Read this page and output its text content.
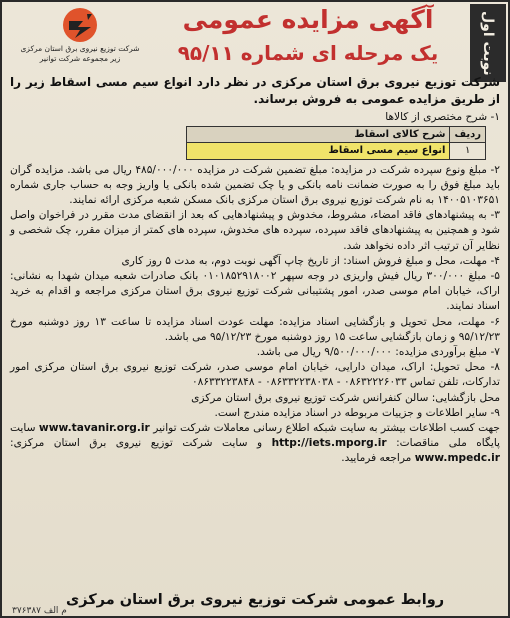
نوبت اول
آگهی مزایده عمومی
یک مرحله ای شماره ۹۵/۱۱
شرکت توزیع نیروی برق استان مرکزی
زیر مجموعه شرکت توانیر

شرکت توزیع نیروی برق استان مرکزی در نظر دارد انواع سیم مسی اسقاط زیر را از طریق مزایده عمومی به فروش برساند.

۱- شرح مختصری از کالاها

ردیف	شرح کالای اسقاط
۱	انواع سیم مسی اسقاط

۲- مبلغ ونوع سپرده شرکت در مزایده: مبلغ تضمین شرکت در مزایده ۴۸۵/۰۰۰/۰۰۰ ریال می باشد. مزایده گران باید مبلغ فوق را به صورت ضمانت نامه بانکی و یا چک تضمین شده بانکی یا واریز وجه به حساب جاری شماره ۱۴۰۰۵۱۰۳۶۵۱ به نام شرکت توزیع نیروی برق استان مرکزی بانک مسکن شعبه مرکزی ارائه نمایند.

۳- به پیشنهادهای فاقد امضاء، مشروط، مخدوش و پیشنهادهایی که بعد از انقضای مدت مقرر در فراخوان واصل شود و همچنین به پیشنهادهای فاقد سپرده، سپرده های مخدوش، سپرده های کمتر از میزان مقرر، چک شخصی و نظایر آن ترتیب اثر داده نخواهد شد.

۴- مهلت، محل و مبلغ فروش اسناد: از تاریخ چاپ آگهی نوبت دوم، به مدت ۵ روز کاری

۵- مبلغ ۳۰۰/۰۰۰ ریال فیش واریزی در وجه سپهر ۰۱۰۱۸۵۲۹۱۸۰۰۲ بانک صادرات شعبه میدان شهدا به نشانی: اراک، خیابان امام موسی صدر، امور پشتیبانی شرکت توزیع نیروی برق استان مرکزی مراجعه و اقدام به خرید اسناد نمایند.

۶- مهلت، محل تحویل و بازگشایی اسناد مزایده: مهلت عودت اسناد مزایده تا ساعت ۱۳ روز دوشنبه مورخ ۹۵/۱۲/۲۳ و زمان بازگشایی ساعت ۱۵ روز دوشنبه مورخ ۹۵/۱۲/۲۳ می باشد.

۷- مبلغ برآوردی مزایده: ۹/۵۰۰/۰۰۰/۰۰۰ ریال می باشد.

۸- محل تحویل: اراک، میدان دارایی، خیابان امام موسی صدر، شرکت توزیع نیروی برق استان مرکزی امور تدارکات، تلفن تماس ۰۸۶۳۲۲۲۶۰۳۳ - ۰۸۶۳۳۲۲۳۸۰۳۸ - ۰۸۶۳۳۲۲۳۸۴۸

محل بازگشایی: سالن کنفرانس شرکت توزیع نیروی برق استان مرکزی

۹- سایر اطلاعات و جزییات مربوطه در اسناد مزایده مندرج است.

جهت کسب اطلاعات بیشتر به سایت شبکه اطلاع رسانی معاملات شرکت توانیر www.tavanir.org.ir سایت پایگاه ملی مناقصات: http://iets.mporg.ir و سایت شرکت توزیع نیروی برق استان مرکزی: www.mpedc.ir مراجعه فرمایید.

روابط عمومی شرکت توزیع نیروی برق استان مرکزی
۳۷۶۳۸۷ م الف
